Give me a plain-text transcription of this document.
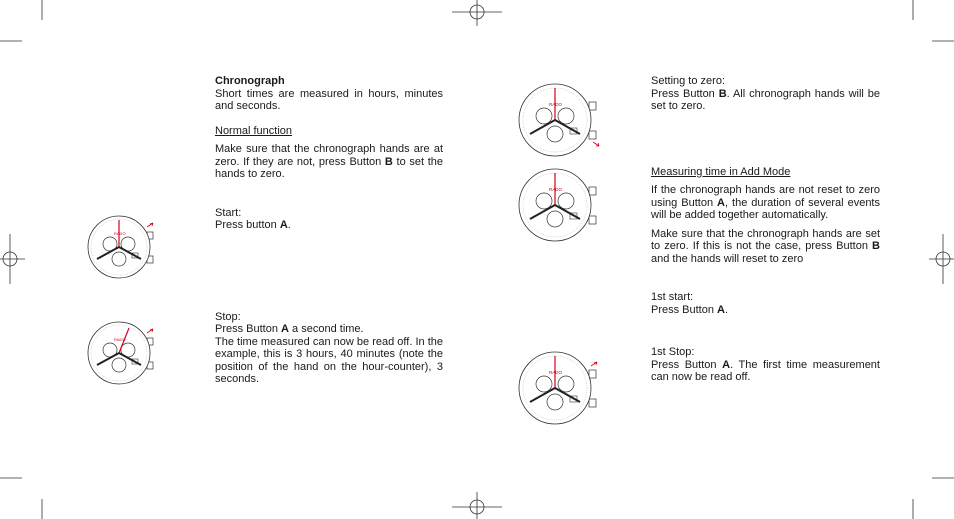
Chronograph

Short times are measured in hours, minutes and seconds.

Normal function

Make sure that the chronograph hands are at zero. If they are not, press Button B to set the hands to zero.

Start:

Press button A.

Stop:

Press Button A a second time.

The time measured can now be read off. In the example, this is 3 hours, 40 minutes (note the position of the hand on the hour-counter), 3 seconds.

Setting to zero:

Press Button B. All chronograph hands will be set to zero.

Measuring time in Add Mode

If the chronograph hands are not reset to zero using Button A, the duration of several events will be added together automatically.

Make sure that the chronograph hands are set to zero. If this is not the case, press Button B and the hands will reset to zero

1st start:

Press Button A.

1st Stop:

Press Button A. The first time measurement can now be read off.
